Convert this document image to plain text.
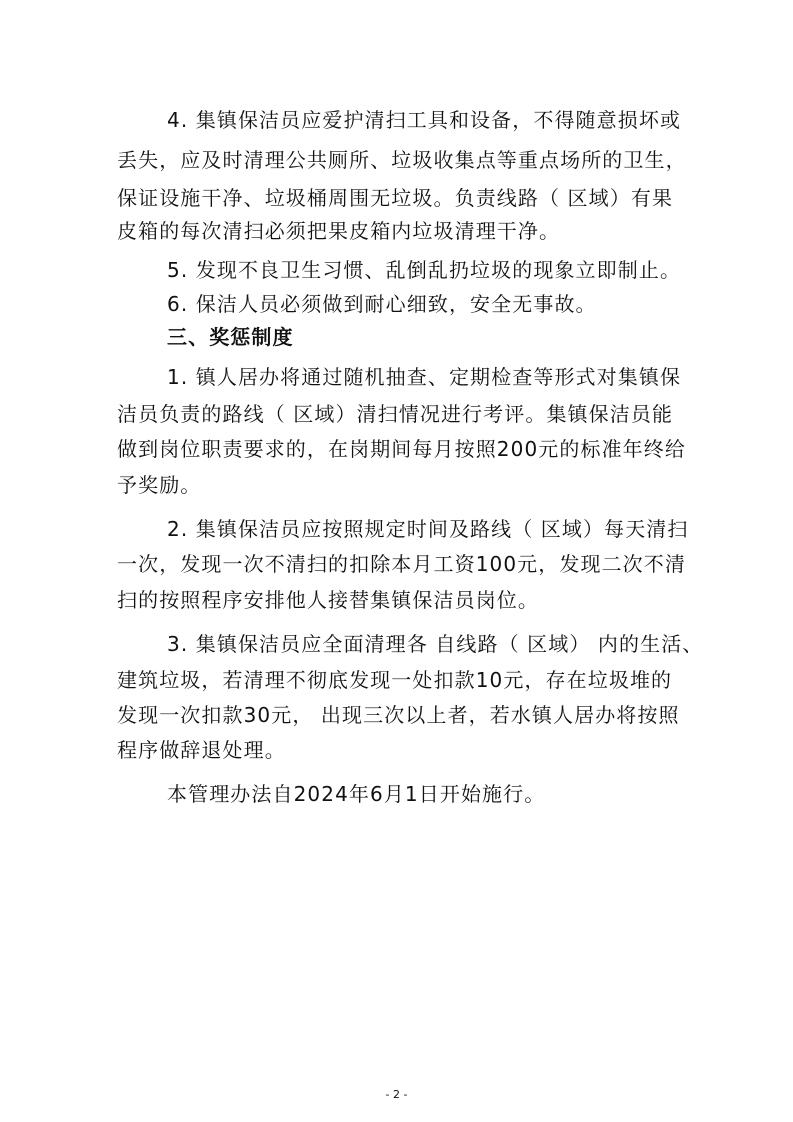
4. 集镇保洁员应爱护清扫工具和设备，不得随意损坏或
丢失，应及时清理公共厕所、垃圾收集点等重点场所的卫生，
保证设施干净、垃圾桶周围无垃圾。负责线路（ 区域）有果
皮箱的每次清扫必须把果皮箱内垃圾清理干净。
5. 发现不良卫生习惯、乱倒乱扔垃圾的现象立即制止。
6. 保洁人员必须做到耐心细致，安全无事故。
三、奖惩制度
1. 镇人居办将通过随机抽查、定期检查等形式对集镇保
洁员负责的路线（ 区域）清扫情况进行考评。集镇保洁员能
做到岗位职责要求的，在岗期间每月按照200元的标准年终给
予奖励。
2. 集镇保洁员应按照规定时间及路线（ 区域）每天清扫
一次，发现一次不清扫的扣除本月工资100元，发现二次不清
扫的按照程序安排他人接替集镇保洁员岗位。
3. 集镇保洁员应全面清理各 自线路（ 区域） 内的生活、
建筑垃圾，若清理不彻底发现一处扣款10元，存在垃圾堆的
发现一次扣款30元， 出现三次以上者，若水镇人居办将按照
程序做辞退处理。
本管理办法自2024年6月1日开始施行。
- 2 -
